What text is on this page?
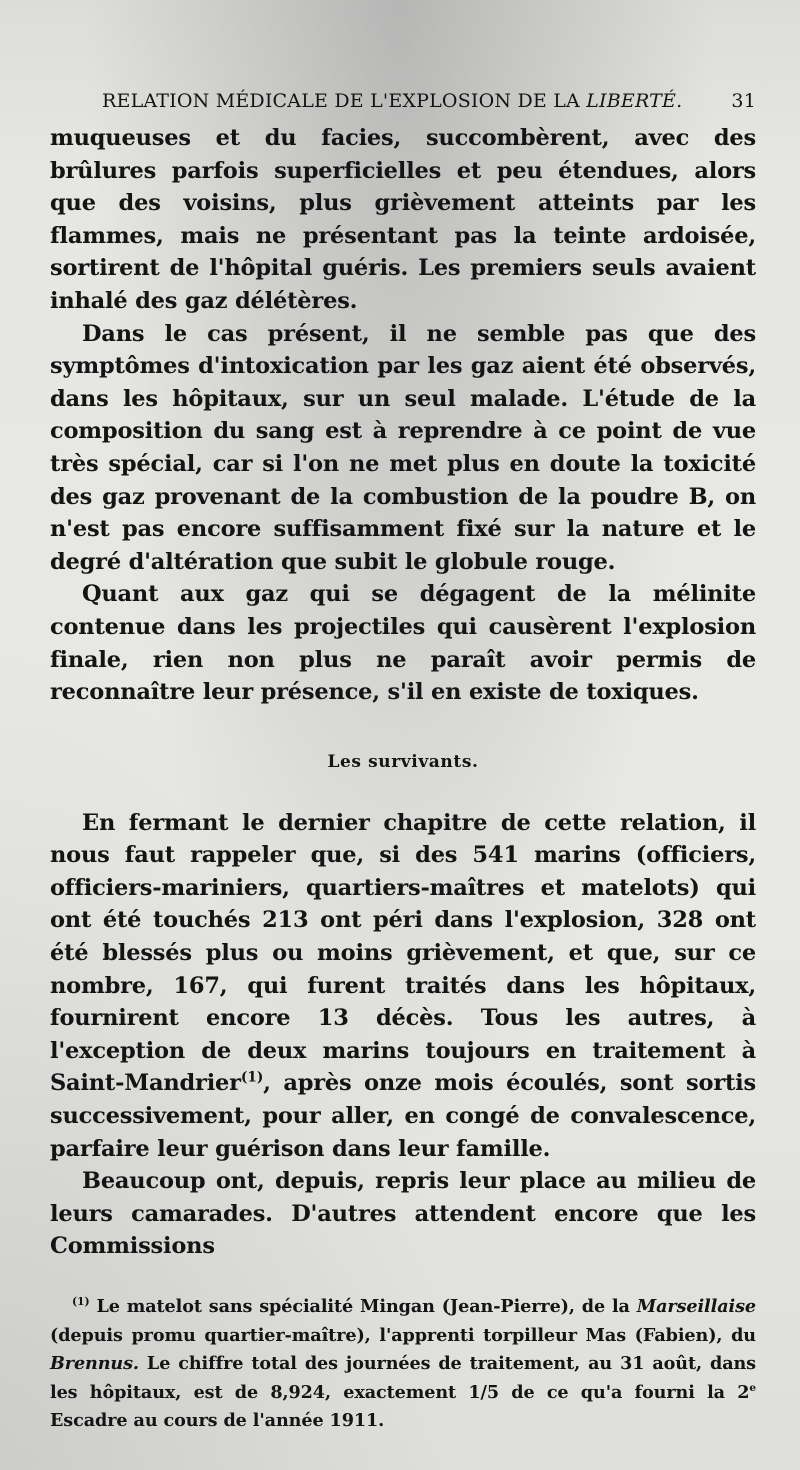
RELATION MÉDICALE DE L'EXPLOSION DE LA LIBERTÉ.	31

muqueuses et du facies, succombèrent, avec des brûlures parfois superficielles et peu étendues, alors que des voisins, plus grièvement atteints par les flammes, mais ne présentant pas la teinte ardoisée, sortirent de l'hôpital guéris. Les premiers seuls avaient inhalé des gaz délétères.

Dans le cas présent, il ne semble pas que des symptômes d'intoxication par les gaz aient été observés, dans les hôpitaux, sur un seul malade. L'étude de la composition du sang est à reprendre à ce point de vue très spécial, car si l'on ne met plus en doute la toxicité des gaz provenant de la combustion de la poudre B, on n'est pas encore suffisamment fixé sur la nature et le degré d'altération que subit le globule rouge.

Quant aux gaz qui se dégagent de la mélinite contenue dans les projectiles qui causèrent l'explosion finale, rien non plus ne paraît avoir permis de reconnaître leur présence, s'il en existe de toxiques.

Les survivants.

En fermant le dernier chapitre de cette relation, il nous faut rappeler que, si des 541 marins (officiers, officiers-mariniers, quartiers-maîtres et matelots) qui ont été touchés 213 ont péri dans l'explosion, 328 ont été blessés plus ou moins grièvement, et que, sur ce nombre, 167, qui furent traités dans les hôpitaux, fournirent encore 13 décès. Tous les autres, à l'exception de deux marins toujours en traitement à Saint-Mandrier$^{(1)}$, après onze mois écoulés, sont sortis successivement, pour aller, en congé de convalescence, parfaire leur guérison dans leur famille.

Beaucoup ont, depuis, repris leur place au milieu de leurs camarades. D'autres attendent encore que les Commissions

$^{(1)}$ Le matelot sans spécialité Mingan (Jean-Pierre), de la Marseillaise (depuis promu quartier-maître), l'apprenti torpilleur Mas (Fabien), du Brennus. Le chiffre total des journées de traitement, au 31 août, dans les hôpitaux, est de 8,924, exactement 1/5 de ce qu'a fourni la 2e Escadre au cours de l'année 1911.
